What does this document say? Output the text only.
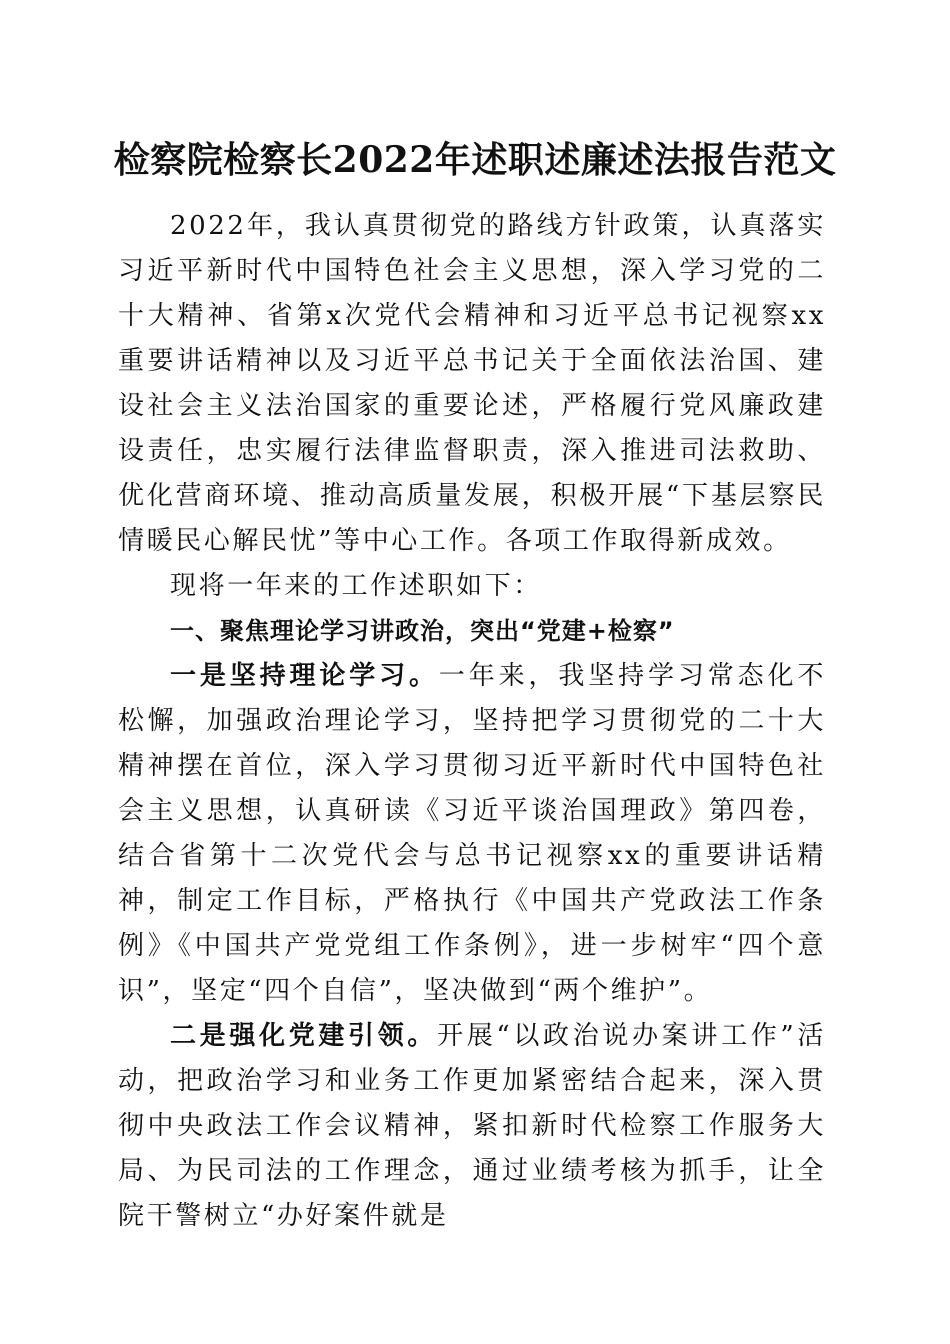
检察院检察长2022年述职述廉述法报告范文

2022年，我认真贯彻党的路线方针政策，认真落实习近平新时代中国特色社会主义思想，深入学习党的二十大精神、省第x次党代会精神和习近平总书记视察xx重要讲话精神以及习近平总书记关于全面依法治国、建设社会主义法治国家的重要论述，严格履行党风廉政建设责任，忠实履行法律监督职责，深入推进司法救助、优化营商环境、推动高质量发展，积极开展“下基层察民情暖民心解民忧”等中心工作。各项工作取得新成效。

现将一年来的工作述职如下：

一、聚焦理论学习讲政治，突出“党建+检察”

一是坚持理论学习。一年来，我坚持学习常态化不松懈，加强政治理论学习，坚持把学习贯彻党的二十大精神摆在首位，深入学习贯彻习近平新时代中国特色社会主义思想，认真研读《习近平谈治国理政》第四卷，结合省第十二次党代会与总书记视察xx的重要讲话精神，制定工作目标，严格执行《中国共产党政法工作条例》《中国共产党党组工作条例》，进一步树牢“四个意识”，坚定“四个自信”，坚决做到“两个维护”。

二是强化党建引领。开展“以政治说办案讲工作”活动，把政治学习和业务工作更加紧密结合起来，深入贯彻中央政法工作会议精神，紧扣新时代检察工作服务大局、为民司法的工作理念，通过业绩考核为抓手，让全院干警树立“办好案件就是
